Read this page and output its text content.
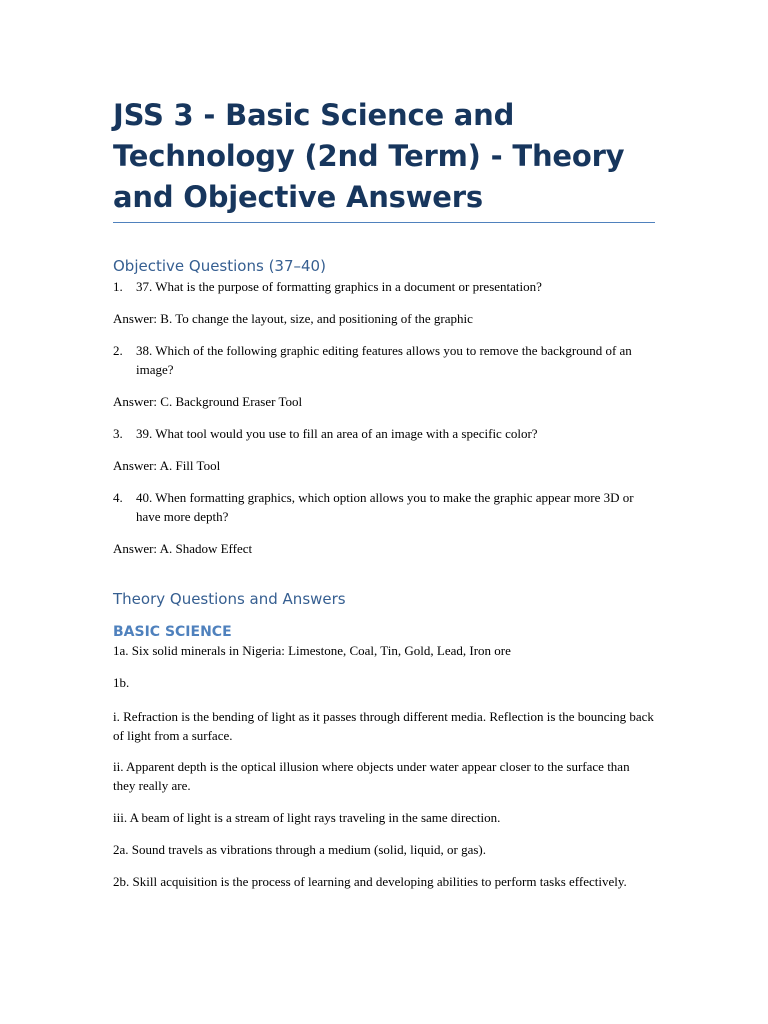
JSS 3 - Basic Science and Technology (2nd Term) - Theory and Objective Answers
Objective Questions (37–40)
1.	37. What is the purpose of formatting graphics in a document or presentation?

Answer: B. To change the layout, size, and positioning of the graphic

2.	38. Which of the following graphic editing features allows you to remove the background of an image?

Answer: C. Background Eraser Tool

3.	39. What tool would you use to fill an area of an image with a specific color?

Answer: A. Fill Tool

4.	40. When formatting graphics, which option allows you to make the graphic appear more 3D or have more depth?

Answer: A. Shadow Effect

Theory Questions and Answers
BASIC SCIENCE

1a. Six solid minerals in Nigeria: Limestone, Coal, Tin, Gold, Lead, Iron ore

1b.

i. Refraction is the bending of light as it passes through different media. Reflection is the bouncing back of light from a surface.

ii. Apparent depth is the optical illusion where objects under water appear closer to the surface than they really are.

iii. A beam of light is a stream of light rays traveling in the same direction.

2a. Sound travels as vibrations through a medium (solid, liquid, or gas).

2b. Skill acquisition is the process of learning and developing abilities to perform tasks effectively.
